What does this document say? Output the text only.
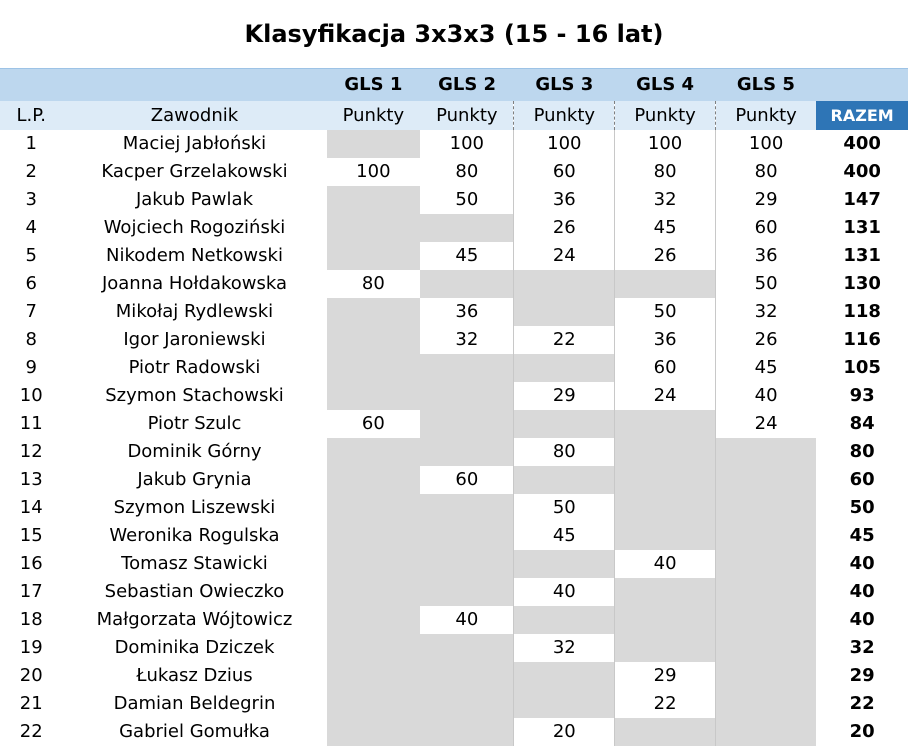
Klasyfikacja 3x3x3 (15 - 16 lat)
		GLS 1	GLS 2	GLS 3	GLS 4	GLS 5	
L.P.	Zawodnik	Punkty	Punkty	Punkty	Punkty	Punkty	RAZEM
1	Maciej Jabłoński		100	100	100	100	400
2	Kacper Grzelakowski	100	80	60	80	80	400
3	Jakub Pawlak		50	36	32	29	147
4	Wojciech Rogoziński			26	45	60	131
5	Nikodem Netkowski		45	24	26	36	131
6	Joanna Hołdakowska	80				50	130
7	Mikołaj Rydlewski		36		50	32	118
8	Igor Jaroniewski		32	22	36	26	116
9	Piotr Radowski				60	45	105
10	Szymon Stachowski			29	24	40	93
11	Piotr Szulc	60				24	84
12	Dominik Górny			80			80
13	Jakub Grynia		60				60
14	Szymon Liszewski			50			50
15	Weronika Rogulska			45			45
16	Tomasz Stawicki				40		40
17	Sebastian Owieczko			40			40
18	Małgorzata Wójtowicz		40				40
19	Dominika Dziczek			32			32
20	Łukasz Dzius				29		29
21	Damian Beldegrin				22		22
22	Gabriel Gomułka			20			20
